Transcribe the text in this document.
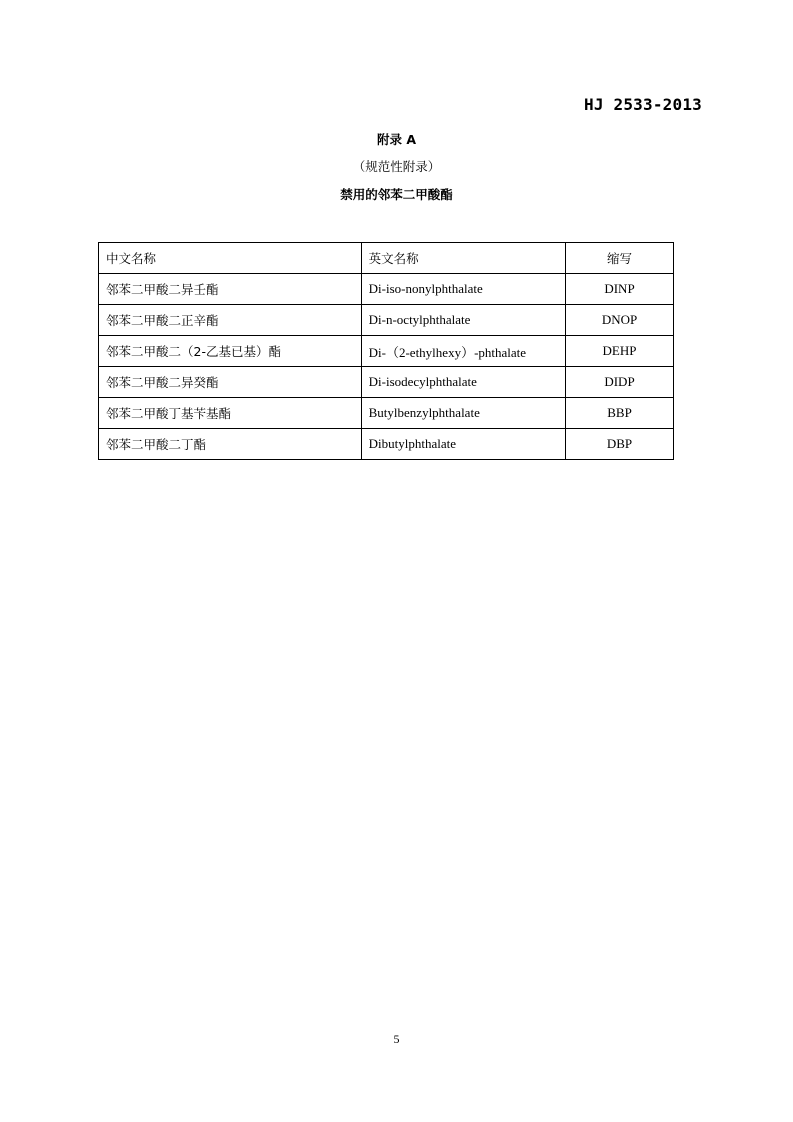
HJ 2533-2013
附录 A
（规范性附录）
禁用的邻苯二甲酸酯
中文名称	英文名称	缩写
邻苯二甲酸二异壬酯	Di-iso-nonylphthalate	DINP
邻苯二甲酸二正辛酯	Di-n-octylphthalate	DNOP
邻苯二甲酸二（2-乙基已基）酯	Di-（2-ethylhexy）-phthalate	DEHP
邻苯二甲酸二异癸酯	Di-isodecylphthalate	DIDP
邻苯二甲酸丁基苄基酯	Butylbenzylphthalate	BBP
邻苯二甲酸二丁酯	Dibutylphthalate	DBP
5
